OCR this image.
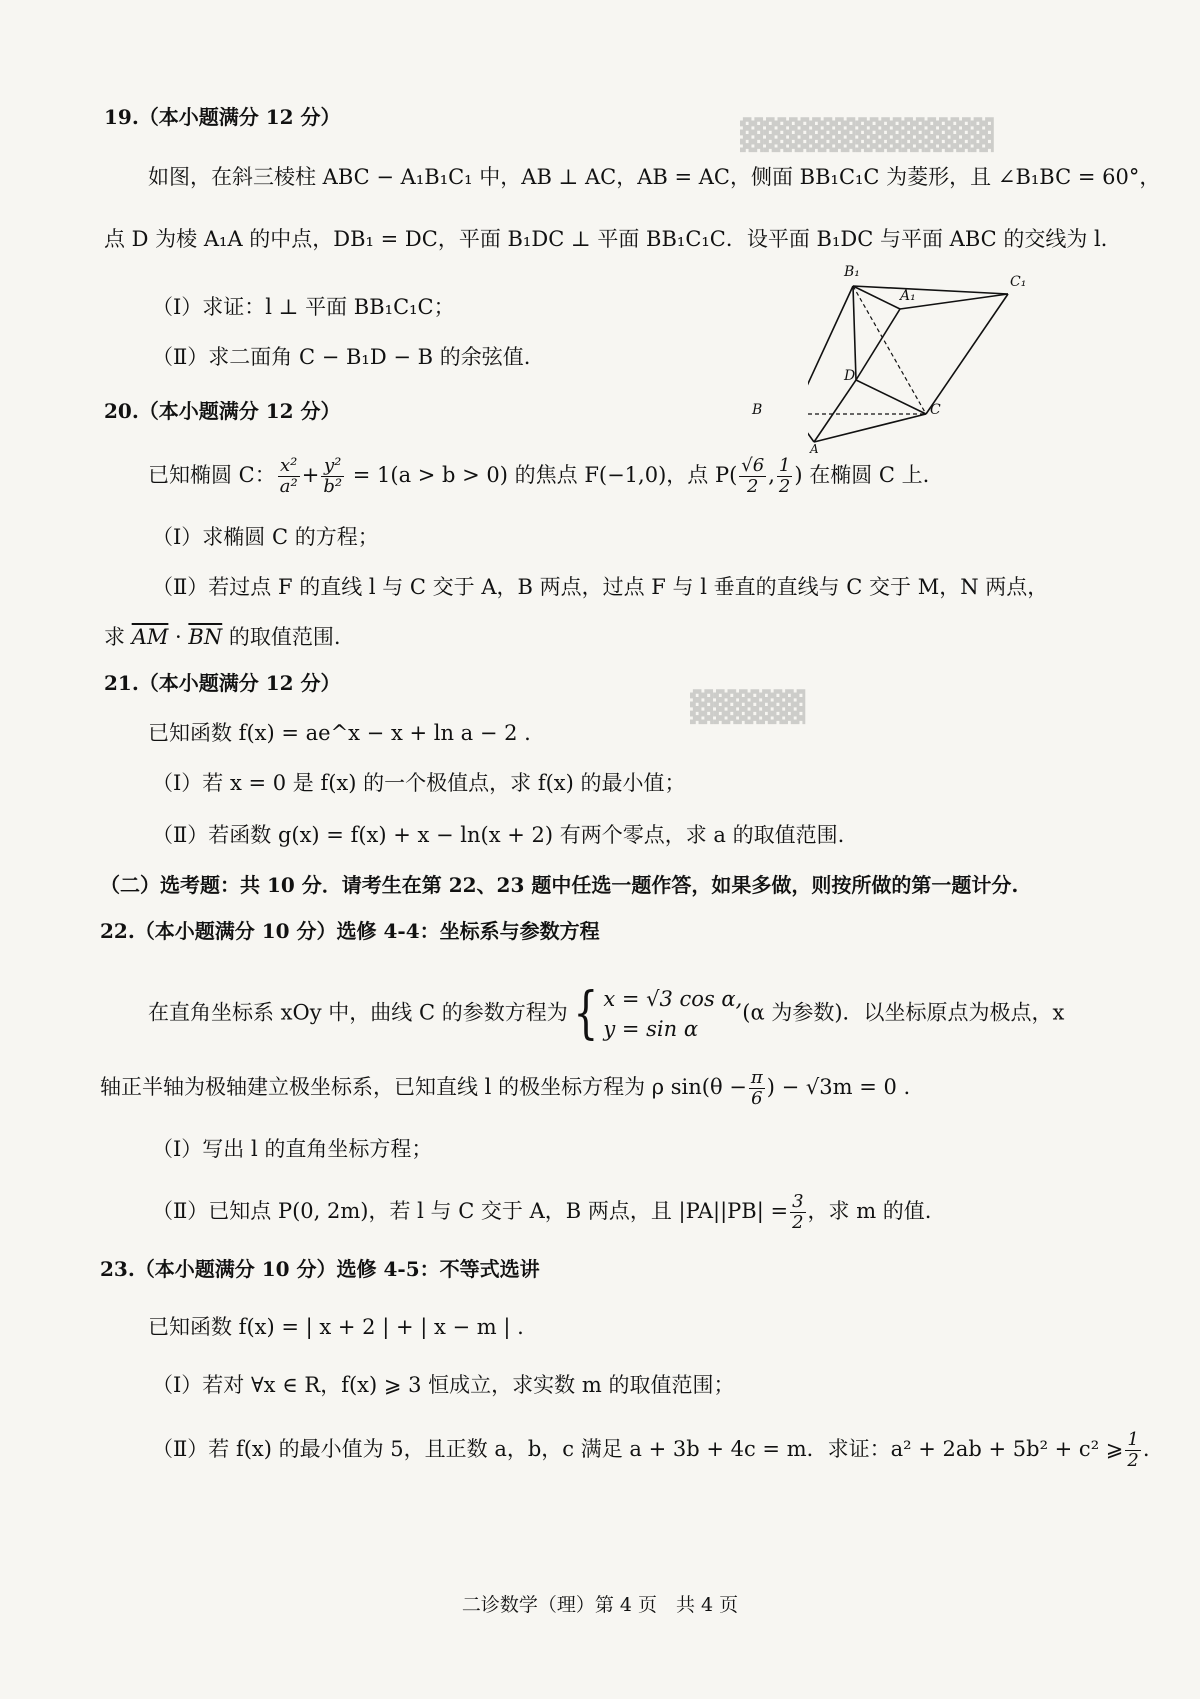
▓▓▓▓▓▓▓▓▓▓▓
▓▓▓▓▓
19.（本小题满分 12 分）
如图，在斜三棱柱 ABC − A₁B₁C₁ 中，AB ⊥ AC，AB = AC，侧面 BB₁C₁C 为菱形，且 ∠B₁BC = 60°，
点 D 为棱 A₁A 的中点，DB₁ = DC，平面 B₁DC ⊥ 平面 BB₁C₁C．设平面 B₁DC 与平面 ABC 的交线为 l．
（Ⅰ）求证：l ⊥ 平面 BB₁C₁C；
（Ⅱ）求二面角 C − B₁D − B 的余弦值.
B₁
C₁
A₁
D
B	C
A
20.（本小题满分 12 分）
已知椭圆 C： $\frac{\text{x²}}{\text{a²}} + \frac{\text{y²}}{\text{b²}} = 1(a > b > 0)$ 的焦点 F(−1,0)，点 $P( \frac{√6}{2}$ , $\frac{1}{2}$ ) 在椭圆 C 上.
（Ⅰ）求椭圆 C 的方程；
（Ⅱ）若过点 F 的直线 l 与 C 交于 A，B 两点，过点 F 与 l 垂直的直线与 C 交于 M，N 两点，
求 $\overline{AM} \cdot \overline{BN}$ 的取值范围.
21.（本小题满分 12 分）
已知函数 f(x) = ae^x − x + ln a − 2 .
（Ⅰ）若 x = 0 是 f(x) 的一个极值点，求 f(x) 的最小值；
（Ⅱ）若函数 g(x) = f(x) + x − ln(x + 2) 有两个零点，求 a 的取值范围.
（二）选考题：共 10 分．请考生在第 22、23 题中任选一题作答，如果多做，则按所做的第一题计分.
22.（本小题满分 10 分）选修 4-4：坐标系与参数方程
在直角坐标系 xOy 中，曲线 C 的参数方程为{ x = √3 cos α,
y = sin α
(α 为参数)．以坐标原点为极点，x
轴正半轴为极轴建立极坐标系，已知直线 l 的极坐标方程为 ρ $\sin(\theta - \frac{\pi}{6}$ ) − √3m = 0 .
（Ⅰ）写出 l 的直角坐标方程；
（Ⅱ）已知点 P(0, 2m)，若 l 与 C 交于 A，B 两点，且 $|PA||PB| = \frac{3}{2}$ ，求 m 的值.
23.（本小题满分 10 分）选修 4-5：不等式选讲
已知函数 f(x) = | x + 2 | + | x − m | .
（Ⅰ）若对 ∀x ∈ R，f(x) ⩾ 3 恒成立，求实数 m 的取值范围；
（Ⅱ）若 f(x) 的最小值为 5，且正数 a，b，c 满足 a + 3b + 4c = m．求证：a² + 2ab + 5b² + c² ⩾ $\frac{1}{2}$ .
二诊数学（理）第 4 页　共 4 页
